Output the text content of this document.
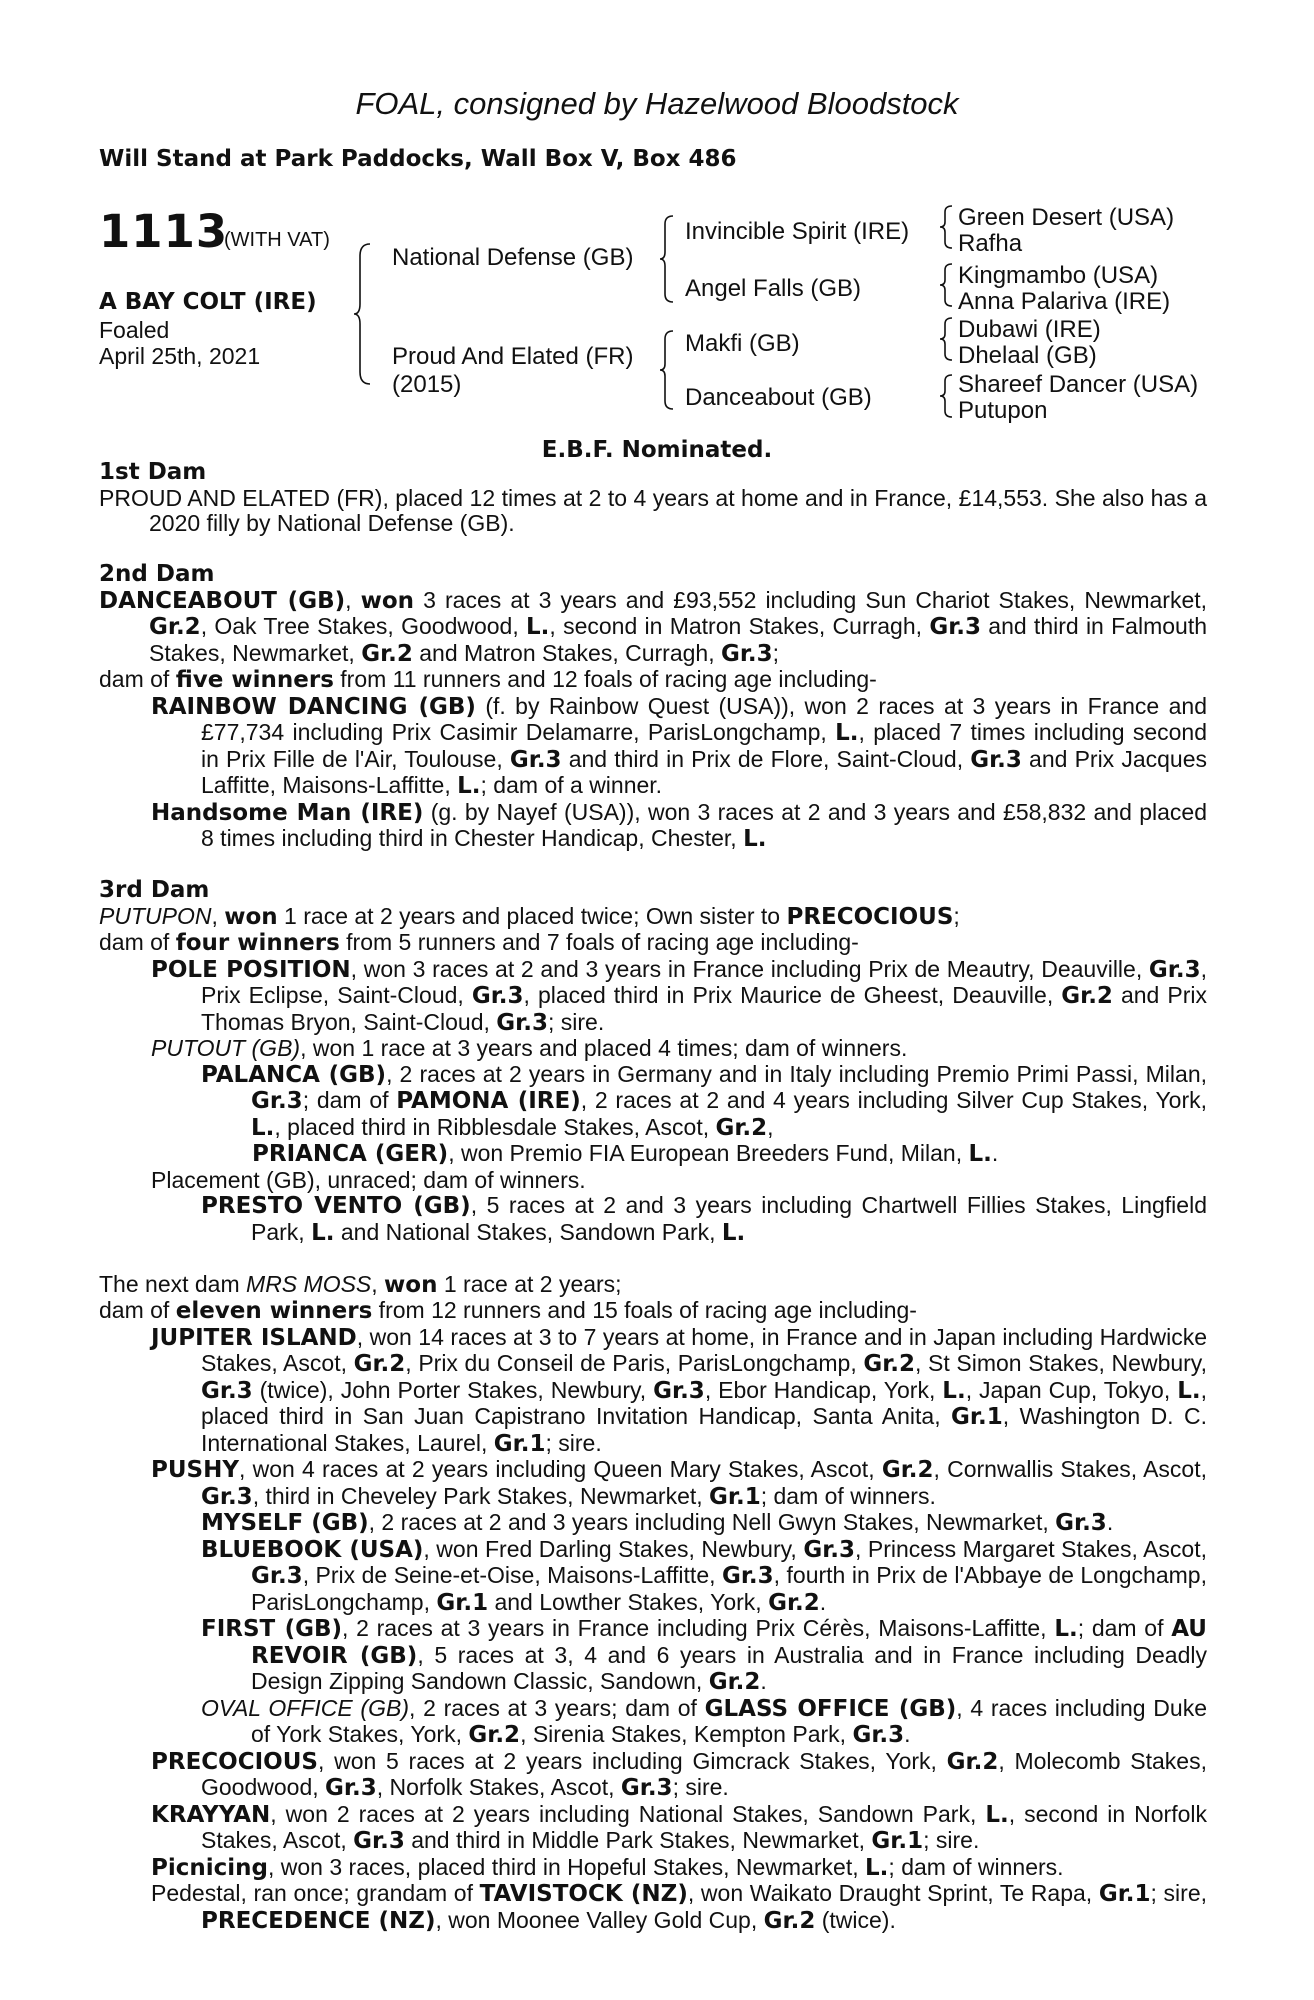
FOAL, consigned by Hazelwood Bloodstock
Will Stand at Park Paddocks, Wall Box V, Box 486
1113
(WITH VAT)
A BAY COLT (IRE)
Foaled
April 25th, 2021
National Defense (GB)
Proud And Elated (FR)
(2015)
Invincible Spirit (IRE)
Angel Falls (GB)
Makfi (GB)
Danceabout (GB)
Green Desert (USA)
Rafha
Kingmambo (USA)
Anna Palariva (IRE)
Dubawi (IRE)
Dhelaal (GB)
Shareef Dancer (USA)
Putupon
E.B.F. Nominated.

1st Dam

PROUD AND ELATED (FR), placed 12 times at 2 to 4 years at home and in France, £14,553. She also has a 2020 filly by National Defense (GB).

2nd Dam

DANCEABOUT (GB), won 3 races at 3 years and £93,552 including Sun Chariot Stakes, Newmarket, Gr.2, Oak Tree Stakes, Goodwood, L., second in Matron Stakes, Curragh, Gr.3 and third in Falmouth Stakes, Newmarket, Gr.2 and Matron Stakes, Curragh, Gr.3;

dam of five winners from 11 runners and 12 foals of racing age including-

RAINBOW DANCING (GB) (f. by Rainbow Quest (USA)), won 2 races at 3 years in France and £77,734 including Prix Casimir Delamarre, ParisLongchamp, L., placed 7 times including second in Prix Fille de l'Air, Toulouse, Gr.3 and third in Prix de Flore, Saint-Cloud, Gr.3 and Prix Jacques Laffitte, Maisons-Laffitte, L.; dam of a winner.

Handsome Man (IRE) (g. by Nayef (USA)), won 3 races at 2 and 3 years and £58,832 and placed 8 times including third in Chester Handicap, Chester, L.

3rd Dam

PUTUPON, won 1 race at 2 years and placed twice; Own sister to PRECOCIOUS;

dam of four winners from 5 runners and 7 foals of racing age including-

POLE POSITION, won 3 races at 2 and 3 years in France including Prix de Meautry, Deauville, Gr.3, Prix Eclipse, Saint-Cloud, Gr.3, placed third in Prix Maurice de Gheest, Deauville, Gr.2 and Prix Thomas Bryon, Saint-Cloud, Gr.3; sire.

PUTOUT (GB), won 1 race at 3 years and placed 4 times; dam of winners.

PALANCA (GB), 2 races at 2 years in Germany and in Italy including Premio Primi Passi, Milan, Gr.3; dam of PAMONA (IRE), 2 races at 2 and 4 years including Silver Cup Stakes, York, L., placed third in Ribblesdale Stakes, Ascot, Gr.2,

PRIANCA (GER), won Premio FIA European Breeders Fund, Milan, L..

Placement (GB), unraced; dam of winners.

PRESTO VENTO (GB), 5 races at 2 and 3 years including Chartwell Fillies Stakes, Lingfield Park, L. and National Stakes, Sandown Park, L.

The next dam MRS MOSS, won 1 race at 2 years;

dam of eleven winners from 12 runners and 15 foals of racing age including-

JUPITER ISLAND, won 14 races at 3 to 7 years at home, in France and in Japan including Hardwicke Stakes, Ascot, Gr.2, Prix du Conseil de Paris, ParisLongchamp, Gr.2, St Simon Stakes, Newbury, Gr.3 (twice), John Porter Stakes, Newbury, Gr.3, Ebor Handicap, York, L., Japan Cup, Tokyo, L., placed third in San Juan Capistrano Invitation Handicap, Santa Anita, Gr.1, Washington D. C. International Stakes, Laurel, Gr.1; sire.

PUSHY, won 4 races at 2 years including Queen Mary Stakes, Ascot, Gr.2, Cornwallis Stakes, Ascot, Gr.3, third in Cheveley Park Stakes, Newmarket, Gr.1; dam of winners.

MYSELF (GB), 2 races at 2 and 3 years including Nell Gwyn Stakes, Newmarket, Gr.3.

BLUEBOOK (USA), won Fred Darling Stakes, Newbury, Gr.3, Princess Margaret Stakes, Ascot, Gr.3, Prix de Seine-et-Oise, Maisons-Laffitte, Gr.3, fourth in Prix de l'Abbaye de Longchamp, ParisLongchamp, Gr.1 and Lowther Stakes, York, Gr.2.

FIRST (GB), 2 races at 3 years in France including Prix Cérès, Maisons-Laffitte, L.; dam of AU REVOIR (GB), 5 races at 3, 4 and 6 years in Australia and in France including Deadly Design Zipping Sandown Classic, Sandown, Gr.2.

OVAL OFFICE (GB), 2 races at 3 years; dam of GLASS OFFICE (GB), 4 races including Duke of York Stakes, York, Gr.2, Sirenia Stakes, Kempton Park, Gr.3.

PRECOCIOUS, won 5 races at 2 years including Gimcrack Stakes, York, Gr.2, Molecomb Stakes, Goodwood, Gr.3, Norfolk Stakes, Ascot, Gr.3; sire.

KRAYYAN, won 2 races at 2 years including National Stakes, Sandown Park, L., second in Norfolk Stakes, Ascot, Gr.3 and third in Middle Park Stakes, Newmarket, Gr.1; sire.

Picnicing, won 3 races, placed third in Hopeful Stakes, Newmarket, L.; dam of winners.

Pedestal, ran once; grandam of TAVISTOCK (NZ), won Waikato Draught Sprint, Te Rapa, Gr.1; sire, PRECEDENCE (NZ), won Moonee Valley Gold Cup, Gr.2 (twice).
